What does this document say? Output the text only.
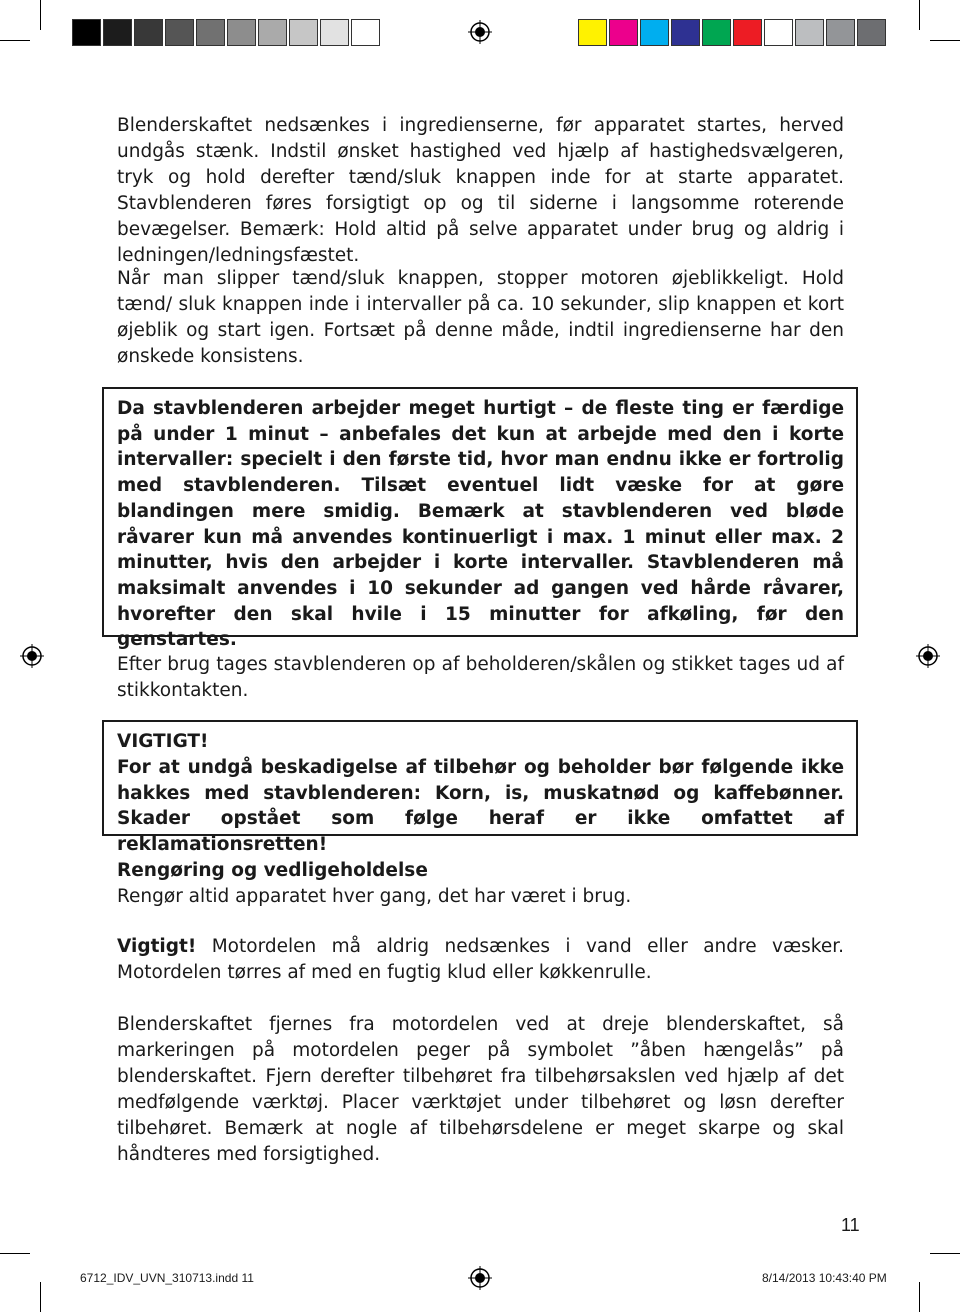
Blenderskaftet nedsænkes i ingredienserne, før apparatet startes, herved undgås stænk. Indstil ønsket hastighed ved hjælp af hastighedsvælgeren, tryk og hold derefter tænd/sluk knappen inde for at starte apparatet. Stavblenderen føres forsigtigt op og til siderne i langsomme roterende bevægelser. Bemærk: Hold altid på selve apparatet under brug og aldrig i ledningen/ledningsfæstet.

Når man slipper tænd/sluk knappen, stopper motoren øjeblikkeligt. Hold tænd/ sluk knappen inde i intervaller på ca. 10 sekunder, slip knappen et kort øjeblik og start igen. Fortsæt på denne måde, indtil ingredienserne har den ønskede konsistens.

Da stavblenderen arbejder meget hurtigt – de fleste ting er færdige på under 1 minut – anbefales det kun at arbejde med den i korte intervaller: specielt i den første tid, hvor man endnu ikke er fortrolig med stavblenderen. Tilsæt eventuel lidt væske for at gøre blandingen mere smidig. Bemærk at stavblenderen ved bløde råvarer kun må anvendes kontinuerligt i max. 1 minut eller max. 2 minutter, hvis den arbejder i korte intervaller. Stavblenderen må maksimalt anvendes i 10 sekunder ad gangen ved hårde råvarer, hvorefter den skal hvile i 15 minutter for afkøling, før den genstartes.

Efter brug tages stavblenderen op af beholderen/skålen og stikket tages ud af stikkontakten.

VIGTIGT!

For at undgå beskadigelse af tilbehør og beholder bør følgende ikke hakkes med stavblenderen: Korn, is, muskatnød og kaffebønner. Skader opstået som følge heraf er ikke omfattet af reklamationsretten!

Rengøring og vedligeholdelse

Rengør altid apparatet hver gang, det har været i brug.

Vigtigt! Motordelen må aldrig nedsænkes i vand eller andre væsker. Motordelen tørres af med en fugtig klud eller køkkenrulle.

Blenderskaftet fjernes fra motordelen ved at dreje blenderskaftet, så markeringen på motordelen peger på symbolet ”åben hængelås” på blenderskaftet. Fjern derefter tilbehøret fra tilbehørsakslen ved hjælp af det medfølgende værktøj. Placer værktøjet under tilbehøret og løsn derefter tilbehøret. Bemærk at nogle af tilbehørsdelene er meget skarpe og skal håndteres med forsigtighed.

11
6712_IDV_UVN_310713.indd 11	8/14/2013 10:43:40 PM
